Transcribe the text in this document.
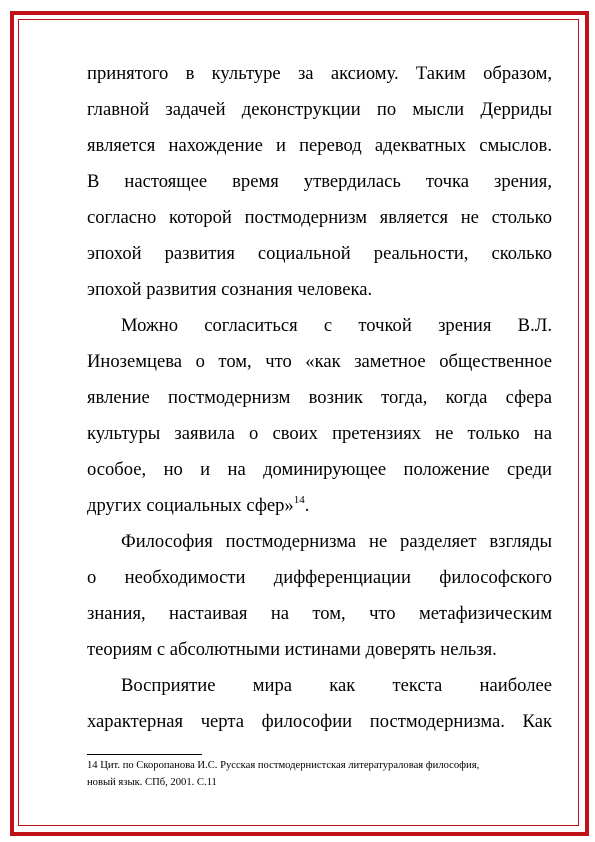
принятого в культуре за аксиому. Таким образом,
главной задачей деконструкции по мысли Дерриды
является нахождение и перевод адекватных смыслов.
В настоящее время утвердилась точка зрения,
согласно которой постмодернизм является не столько
эпохой развития социальной реальности, сколько
эпохой развития сознания человека.
Можно согласиться с точкой зрения В.Л.
Иноземцева о том, что «как заметное общественное
явление постмодернизм возник тогда, когда сфера
культуры заявила о своих претензиях не только на
особое, но и на доминирующее положение среди
других социальных сфер»$^{14}$.
Философия постмодернизма не разделяет взгляды
о необходимости дифференциации философского
знания, настаивая на том, что метафизическим
теориям с абсолютными истинами доверять нельзя.
Восприятие мира как текста наиболее
характерная черта философии постмодернизма. Как
14 Цит. по Скоропанова И.С. Русская постмодернистская литератураловая философия,
новый язык. СПб, 2001. С.11
